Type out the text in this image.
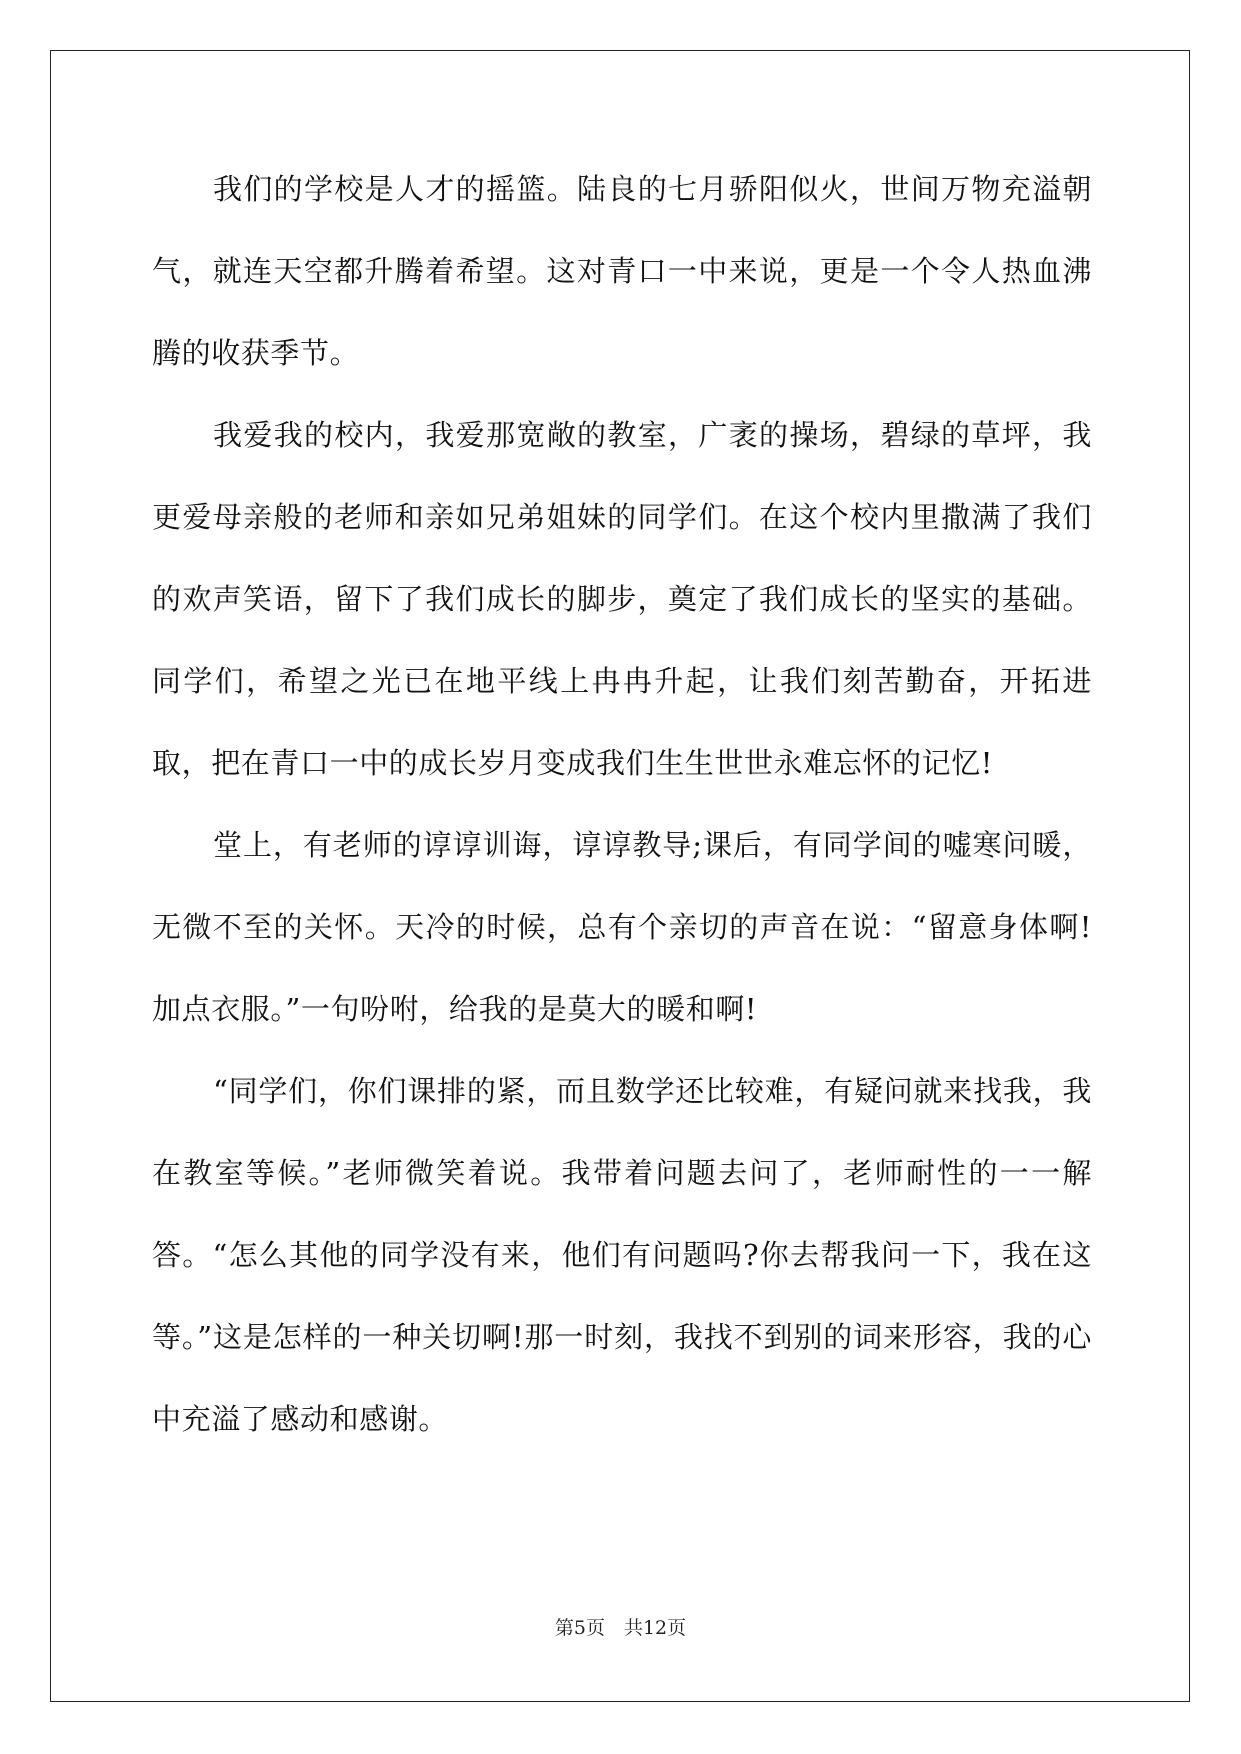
我们的学校是人才的摇篮。陆良的七月骄阳似火，世间万物充溢朝气，就连天空都升腾着希望。这对青口一中来说，更是一个令人热血沸腾的收获季节。

我爱我的校内，我爱那宽敞的教室，广袤的操场，碧绿的草坪，我更爱母亲般的老师和亲如兄弟姐妹的同学们。在这个校内里撒满了我们的欢声笑语，留下了我们成长的脚步，奠定了我们成长的坚实的基础。同学们，希望之光已在地平线上冉冉升起，让我们刻苦勤奋，开拓进取，把在青口一中的成长岁月变成我们生生世世永难忘怀的记忆!

堂上，有老师的谆谆训诲，谆谆教导;课后，有同学间的嘘寒问暖，无微不至的关怀。天冷的时候，总有个亲切的声音在说：“留意身体啊!加点衣服。”一句吩咐，给我的是莫大的暖和啊!

“同学们，你们课排的紧，而且数学还比较难，有疑问就来找我，我在教室等候。”老师微笑着说。我带着问题去问了，老师耐性的一一解答。“怎么其他的同学没有来，他们有问题吗?你去帮我问一下，我在这等。”这是怎样的一种关切啊!那一时刻，我找不到别的词来形容，我的心中充溢了感动和感谢。

第5页　共12页
